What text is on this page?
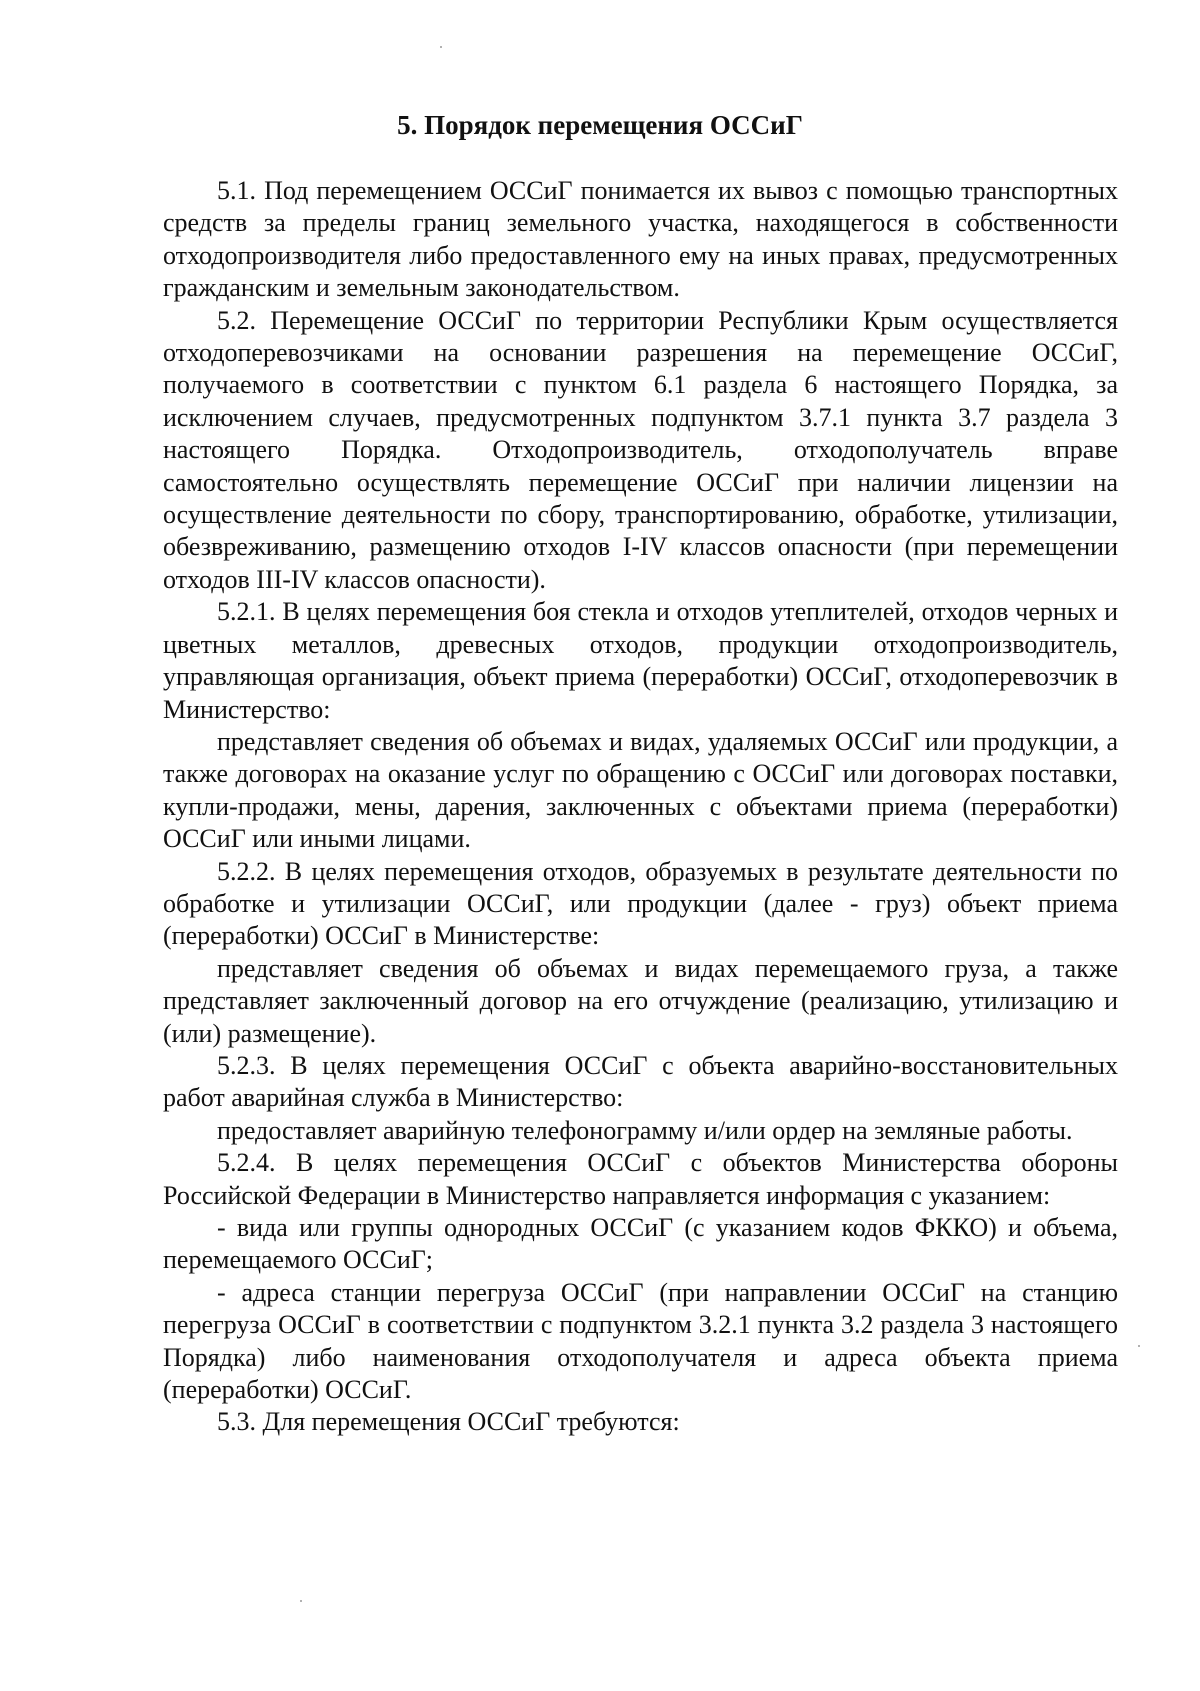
5. Порядок перемещения ОССиГ

5.1. Под перемещением ОССиГ понимается их вывоз с помощью транспортных средств за пределы границ земельного участка, находящегося в собственности отходопроизводителя либо предоставленного ему на иных правах, предусмотренных гражданским и земельным законодательством.

5.2. Перемещение ОССиГ по территории Республики Крым осуществляется отходоперевозчиками на основании разрешения на перемещение ОССиГ, получаемого в соответствии с пунктом 6.1 раздела 6 настоящего Порядка, за исключением случаев, предусмотренных подпунктом 3.7.1 пункта 3.7 раздела 3 настоящего Порядка. Отходопроизводитель, отходополучатель вправе самостоятельно осуществлять перемещение ОССиГ при наличии лицензии на осуществление деятельности по сбору, транспортированию, обработке, утилизации, обезвреживанию, размещению отходов I-IV классов опасности (при перемещении отходов III-IV классов опасности).

5.2.1. В целях перемещения боя стекла и отходов утеплителей, отходов черных и цветных металлов, древесных отходов, продукции отходопроизводитель, управляющая организация, объект приема (переработки) ОССиГ, отходоперевозчик в Министерство:

представляет сведения об объемах и видах, удаляемых ОССиГ или продукции, а также договорах на оказание услуг по обращению с ОССиГ или договорах поставки, купли-продажи, мены, дарения, заключенных с объектами приема (переработки) ОССиГ или иными лицами.

5.2.2. В целях перемещения отходов, образуемых в результате деятельности по обработке и утилизации ОССиГ, или продукции (далее - груз) объект приема (переработки) ОССиГ в Министерстве:

представляет сведения об объемах и видах перемещаемого груза, а также представляет заключенный договор на его отчуждение (реализацию, утилизацию и (или) размещение).

5.2.3. В целях перемещения ОССиГ с объекта аварийно-восстановительных работ аварийная служба в Министерство:

предоставляет аварийную телефонограмму и/или ордер на земляные работы.

5.2.4. В целях перемещения ОССиГ с объектов Министерства обороны Российской Федерации в Министерство направляется информация с указанием:

- вида или группы однородных ОССиГ (с указанием кодов ФККО) и объема, перемещаемого ОССиГ;

- адреса станции перегруза ОССиГ (при направлении ОССиГ на станцию перегруза ОССиГ в соответствии с подпунктом 3.2.1 пункта 3.2 раздела 3 настоящего Порядка) либо наименования отходополучателя и адреса объекта приема (переработки) ОССиГ.

5.3. Для перемещения ОССиГ требуются:
